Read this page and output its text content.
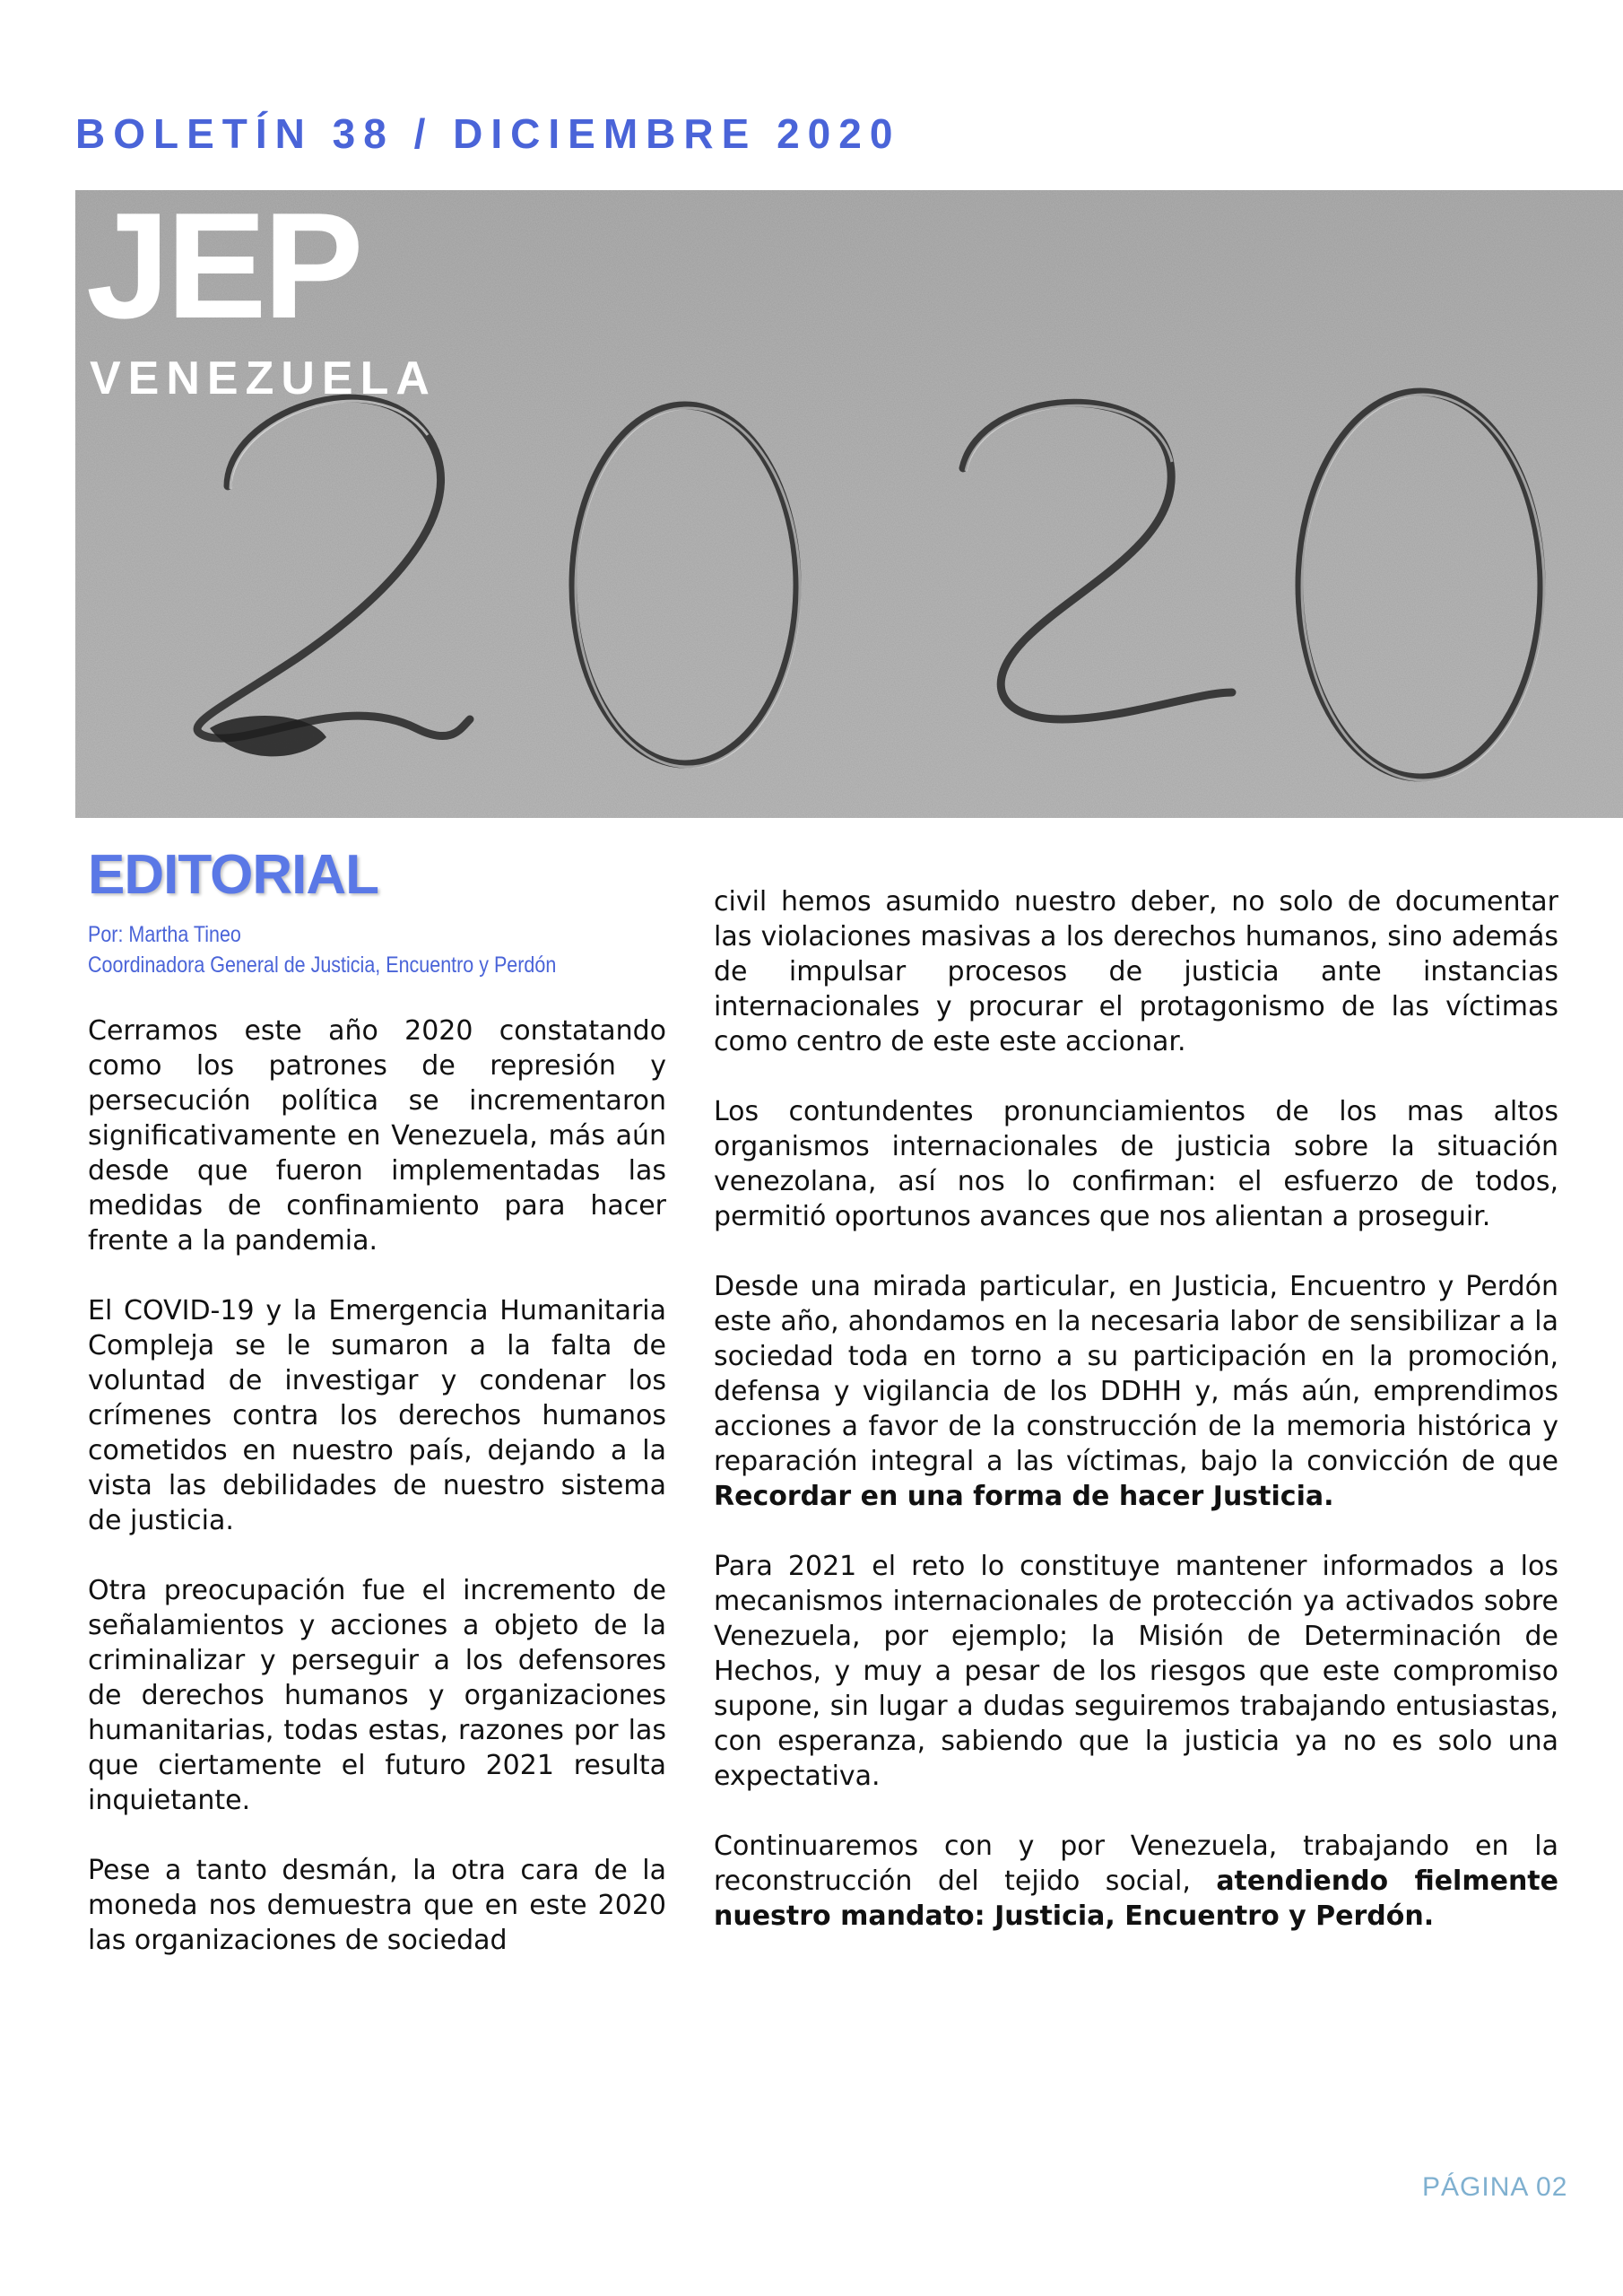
BOLETÍN 38 / DICIEMBRE 2020
JEP
VENEZUELA
EDITORIAL
Por: Martha Tineo
Coordinadora General de Justicia, Encuentro y Perdón

Cerramos este año 2020 constatando como los patrones de represión y persecución política se incrementaron significativamente en Venezuela, más aún desde que fueron implementadas las medidas de confinamiento para hacer frente a la pandemia.

El COVID-19 y la Emergencia Humanitaria Compleja se le sumaron a la falta de voluntad de investigar y condenar los crímenes contra los derechos humanos cometidos en nuestro país, dejando a la vista las debilidades de nuestro sistema de justicia.

Otra preocupación fue el incremento de señalamientos y acciones a objeto de la criminalizar y perseguir a los defensores de derechos humanos y organizaciones humanitarias, todas estas, razones por las que ciertamente el futuro 2021 resulta inquietante.

Pese a tanto desmán, la otra cara de la moneda nos demuestra que en este 2020 las organizaciones de sociedad

civil hemos asumido nuestro deber, no solo de documentar las violaciones masivas a los derechos humanos, sino además de impulsar procesos de justicia ante instancias internacionales y procurar el protagonismo de las víctimas como centro de este este accionar.

Los contundentes pronunciamientos de los mas altos organismos internacionales de justicia sobre la situación venezolana, así nos lo confirman: el esfuerzo de todos, permitió oportunos avances que nos alientan a proseguir.

Desde una mirada particular, en Justicia, Encuentro y Perdón este año, ahondamos en la necesaria labor de sensibilizar a la sociedad toda en torno a su participación en la promoción, defensa y vigilancia de los DDHH y, más aún, emprendimos acciones a favor de la construcción de la memoria histórica y reparación integral a las víctimas, bajo la convicción de que Recordar en una forma de hacer Justicia.

Para 2021 el reto lo constituye mantener informados a los mecanismos internacionales de protección ya activados sobre Venezuela, por ejemplo; la Misión de Determinación de Hechos, y muy a pesar de los riesgos que este compromiso supone, sin lugar a dudas seguiremos trabajando entusiastas, con esperanza, sabiendo que la justicia ya no es solo una expectativa.

Continuaremos con y por Venezuela, trabajando en la reconstrucción del tejido social, atendiendo fielmente nuestro mandato: Justicia, Encuentro y Perdón.

PÁGINA 02
